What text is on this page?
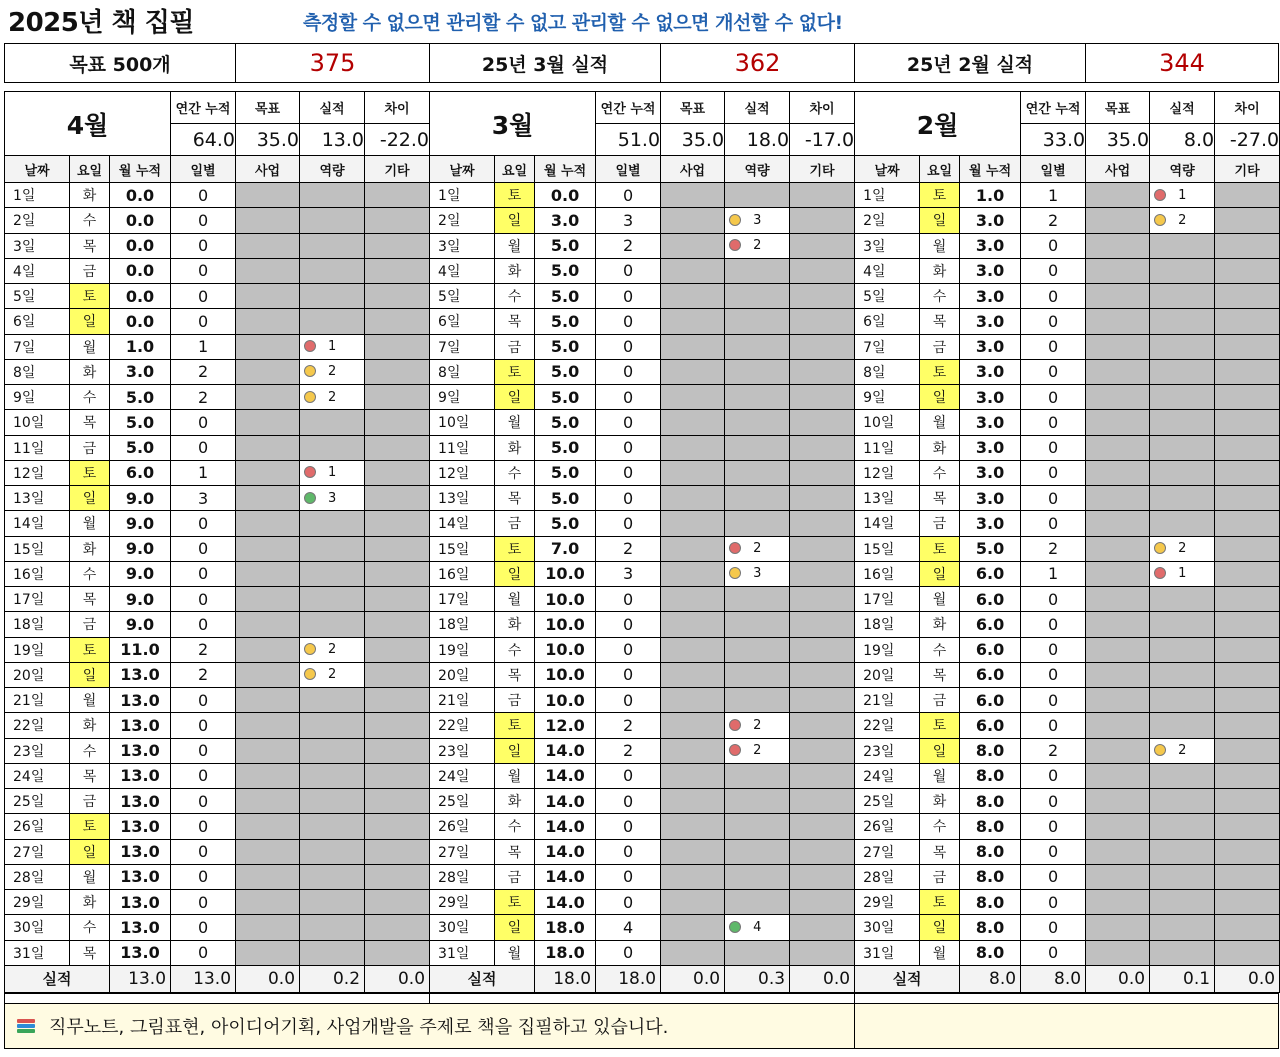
2025년 책 집필	측정할 수 없으면 관리할 수 없고 관리할 수 없으면 개선할 수 없다!
목표 500개	375	25년 3월 실적	362	25년 2월 실적	344
4월			연간 누적	목표	실적	차이	3월			연간 누적	목표	실적	차이	2월			연간 누적	목표	실적	차이
			64.0	35.0	13.0	-22.0				51.0	35.0	18.0	-17.0				33.0	35.0	8.0	-27.0
날짜	요일	월 누적	일별	사업	역량	기타	날짜	요일	월 누적	일별	사업	역량	기타	날짜	요일	월 누적	일별	사업	역량	기타
1일	화	0.0	0				1일	토	0.0	0				1일	토	1.0	1		1	
2일	수	0.0	0				2일	일	3.0	3		3		2일	일	3.0	2		2	
3일	목	0.0	0				3일	월	5.0	2		2		3일	월	3.0	0			
4일	금	0.0	0				4일	화	5.0	0				4일	화	3.0	0			
5일	토	0.0	0				5일	수	5.0	0				5일	수	3.0	0			
6일	일	0.0	0				6일	목	5.0	0				6일	목	3.0	0			
7일	월	1.0	1		1		7일	금	5.0	0				7일	금	3.0	0			
8일	화	3.0	2		2		8일	토	5.0	0				8일	토	3.0	0			
9일	수	5.0	2		2		9일	일	5.0	0				9일	일	3.0	0			
10일	목	5.0	0				10일	월	5.0	0				10일	월	3.0	0			
11일	금	5.0	0				11일	화	5.0	0				11일	화	3.0	0			
12일	토	6.0	1		1		12일	수	5.0	0				12일	수	3.0	0			
13일	일	9.0	3		3		13일	목	5.0	0				13일	목	3.0	0			
14일	월	9.0	0				14일	금	5.0	0				14일	금	3.0	0			
15일	화	9.0	0				15일	토	7.0	2		2		15일	토	5.0	2		2	
16일	수	9.0	0				16일	일	10.0	3		3		16일	일	6.0	1		1	
17일	목	9.0	0				17일	월	10.0	0				17일	월	6.0	0			
18일	금	9.0	0				18일	화	10.0	0				18일	화	6.0	0			
19일	토	11.0	2		2		19일	수	10.0	0				19일	수	6.0	0			
20일	일	13.0	2		2		20일	목	10.0	0				20일	목	6.0	0			
21일	월	13.0	0				21일	금	10.0	0				21일	금	6.0	0			
22일	화	13.0	0				22일	토	12.0	2		2		22일	토	6.0	0			
23일	수	13.0	0				23일	일	14.0	2		2		23일	일	8.0	2		2	
24일	목	13.0	0				24일	월	14.0	0				24일	월	8.0	0			
25일	금	13.0	0				25일	화	14.0	0				25일	화	8.0	0			
26일	토	13.0	0				26일	수	14.0	0				26일	수	8.0	0			
27일	일	13.0	0				27일	목	14.0	0				27일	목	8.0	0			
28일	월	13.0	0				28일	금	14.0	0				28일	금	8.0	0			
29일	화	13.0	0				29일	토	14.0	0				29일	토	8.0	0			
30일	수	13.0	0				30일	일	18.0	4		4		30일	일	8.0	0			
31일	목	13.0	0				31일	월	18.0	0				31일	월	8.0	0			
실적		13.0	13.0	0.0	0.2	0.0	실적		18.0	18.0	0.0	0.3	0.0	실적		8.0	8.0	0.0	0.1	0.0

직무노트, 그림표현, 아이디어기획, 사업개발을 주제로 책을 집필하고 있습니다.		
